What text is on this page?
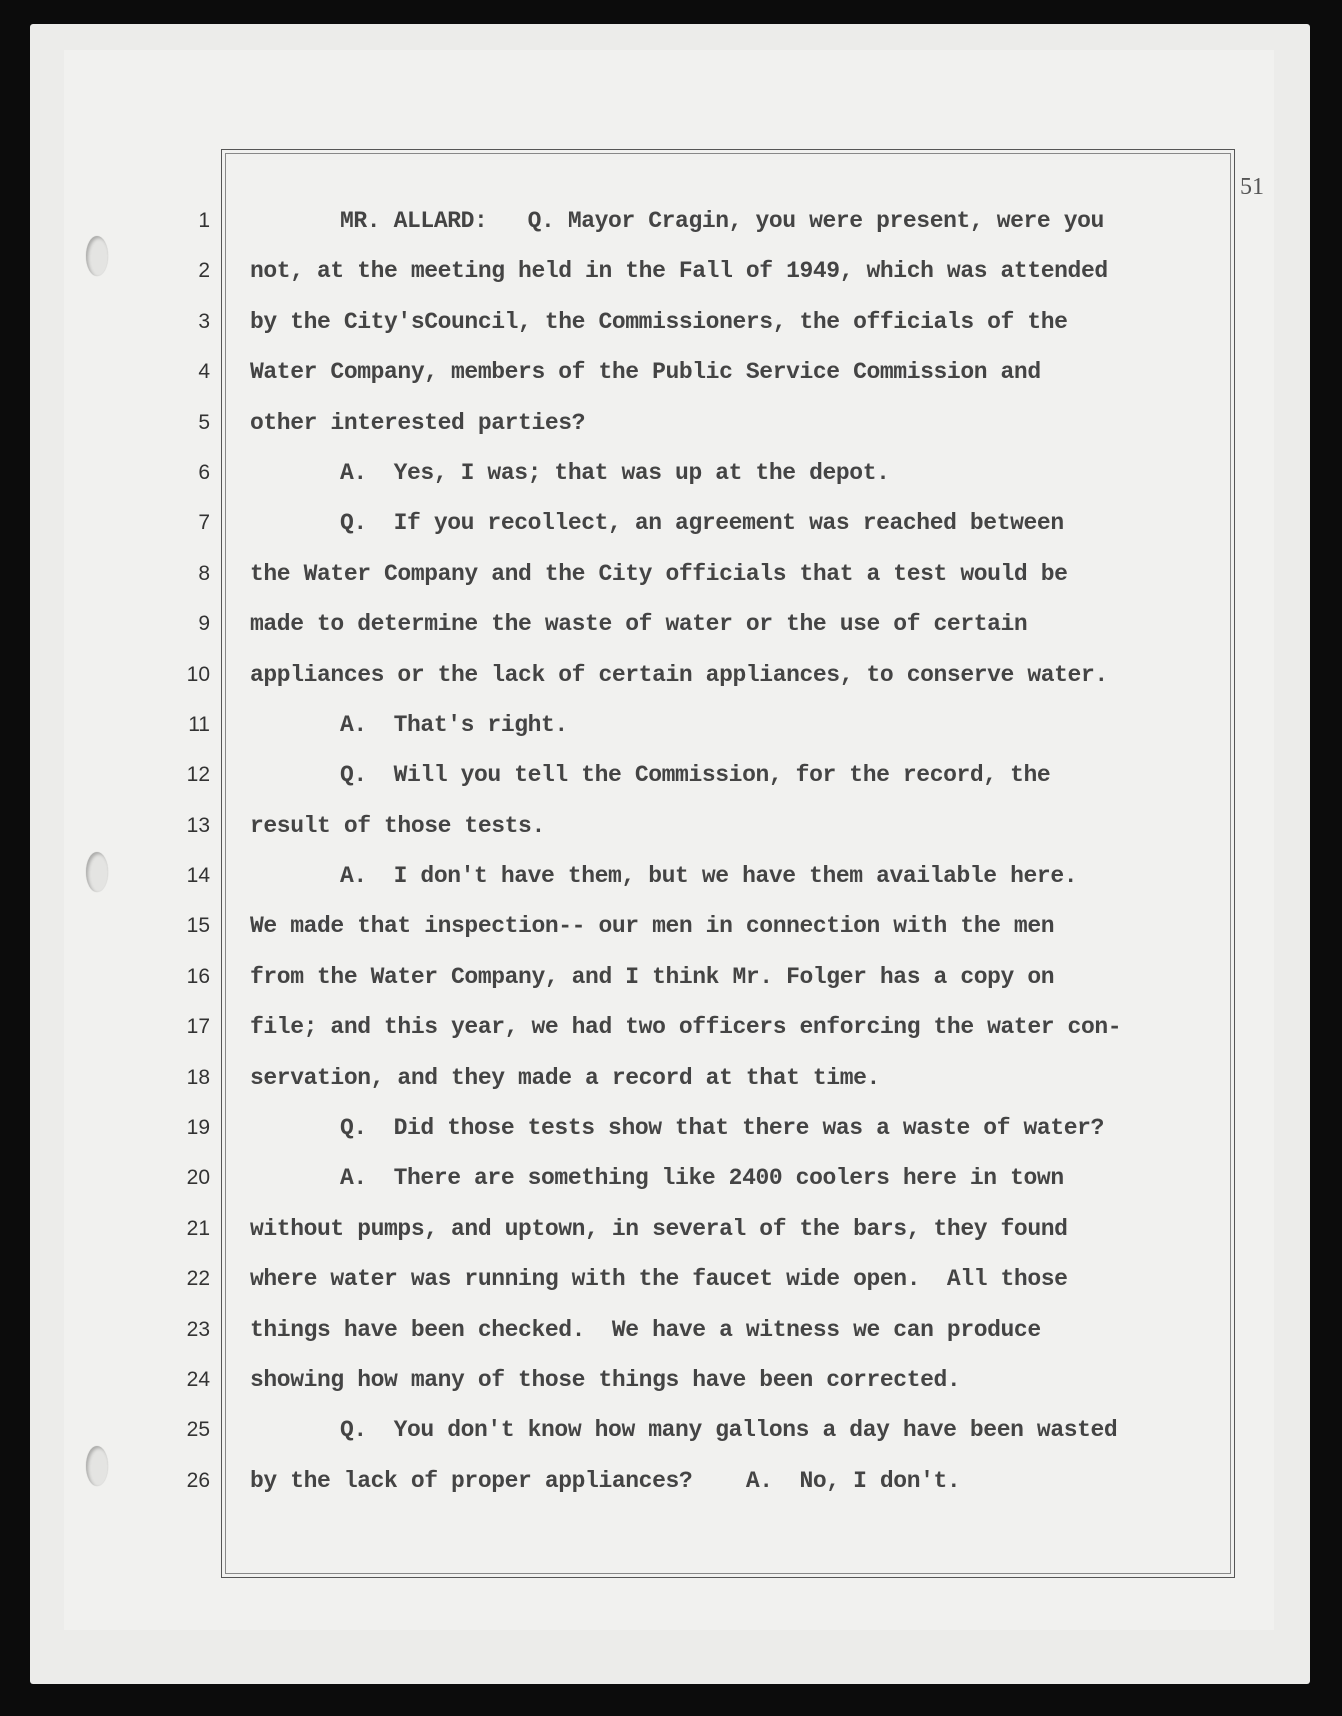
51
1
2
3
4
5
6
7
8
9
10
11
12
13
14
15
16
17
18
19
20
21
22
23
24
25
26
MR. ALLARD:   Q. Mayor Cragin, you were present, were you
not, at the meeting held in the Fall of 1949, which was attended
by the City'sCouncil, the Commissioners, the officials of the
Water Company, members of the Public Service Commission and
other interested parties?
A.  Yes, I was; that was up at the depot.
Q.  If you recollect, an agreement was reached between
the Water Company and the City officials that a test would be
made to determine the waste of water or the use of certain
appliances or the lack of certain appliances, to conserve water.
A.  That's right.
Q.  Will you tell the Commission, for the record, the
result of those tests.
A.  I don't have them, but we have them available here.
We made that inspection-- our men in connection with the men
from the Water Company, and I think Mr. Folger has a copy on
file; and this year, we had two officers enforcing the water con-
servation, and they made a record at that time.
Q.  Did those tests show that there was a waste of water?
A.  There are something like 2400 coolers here in town
without pumps, and uptown, in several of the bars, they found
where water was running with the faucet wide open.  All those
things have been checked.  We have a witness we can produce
showing how many of those things have been corrected.
Q.  You don't know how many gallons a day have been wasted
by the lack of proper appliances?    A.  No, I don't.
